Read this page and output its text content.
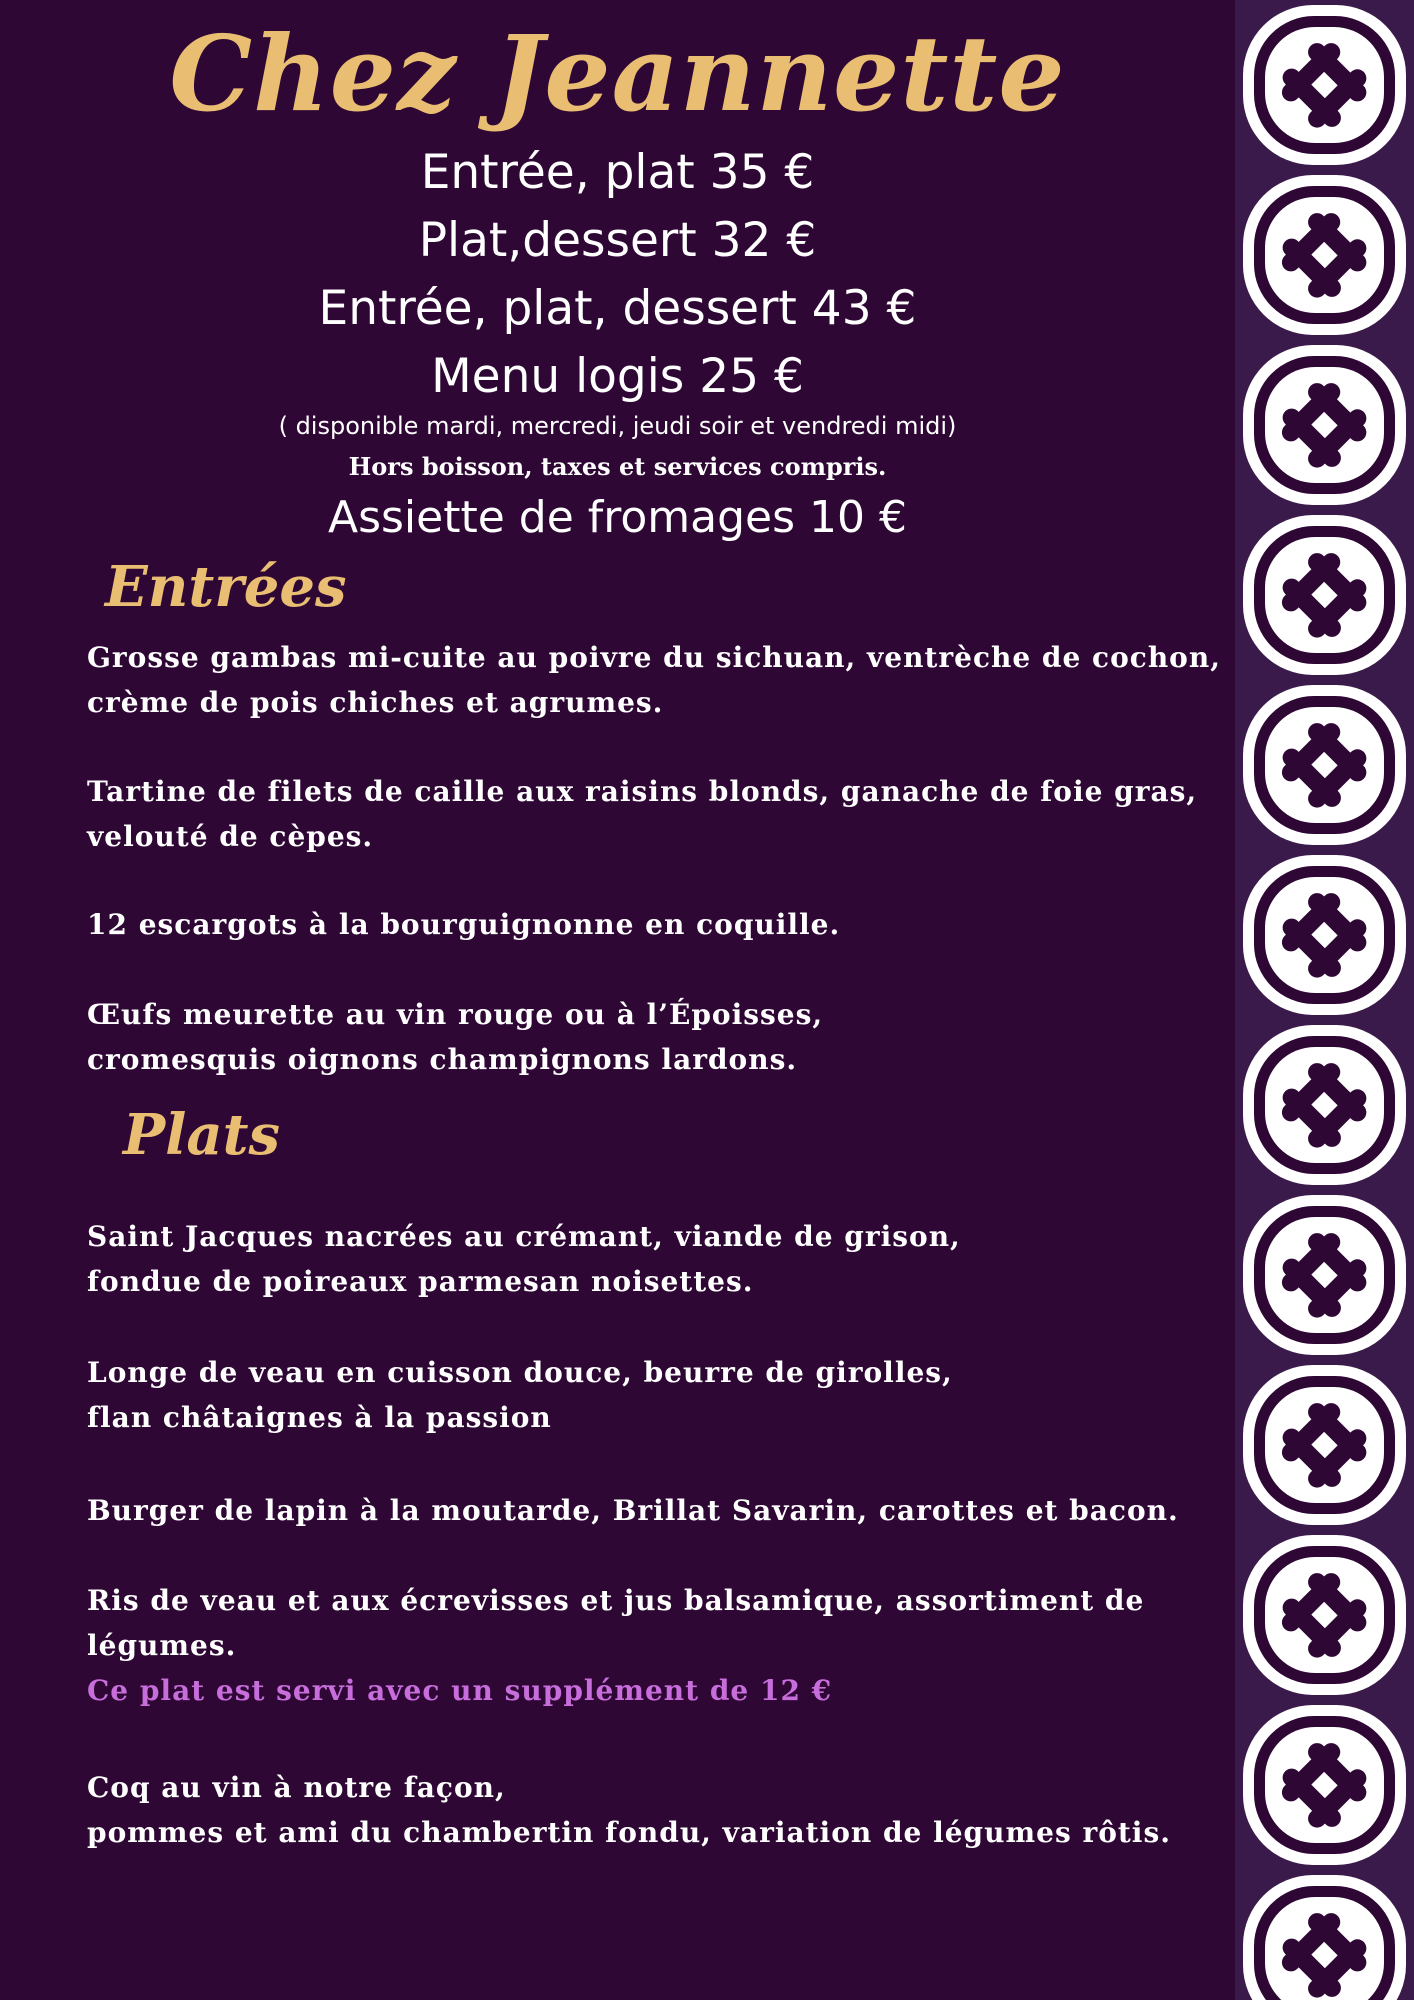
Chez Jeannette

Entrée, plat 35 €

Plat,dessert 32 €

Entrée, plat, dessert 43 €

Menu logis 25 €

( disponible mardi, mercredi, jeudi soir et vendredi midi)

Hors boisson, taxes et services compris.

Assiette de fromages 10 €

Entrées

Grosse gambas mi-cuite au poivre du sichuan, ventrèche de cochon,
crème de pois chiches et agrumes.

Tartine de filets de caille aux raisins blonds, ganache de foie gras,
velouté de cèpes.

12 escargots à la bourguignonne en coquille.

Œufs meurette au vin rouge ou à l’Époisses,
cromesquis oignons champignons lardons.

Plats

Saint Jacques nacrées au crémant, viande de grison,
fondue de poireaux parmesan noisettes.

Longe de veau en cuisson douce, beurre de girolles,
flan châtaignes à la passion

Burger de lapin à la moutarde, Brillat Savarin, carottes et bacon.

Ris de veau et aux écrevisses et jus balsamique, assortiment de
légumes.
Ce plat est servi avec un supplément de 12 €

Coq au vin à notre façon,
pommes et ami du chambertin fondu, variation de légumes rôtis.
